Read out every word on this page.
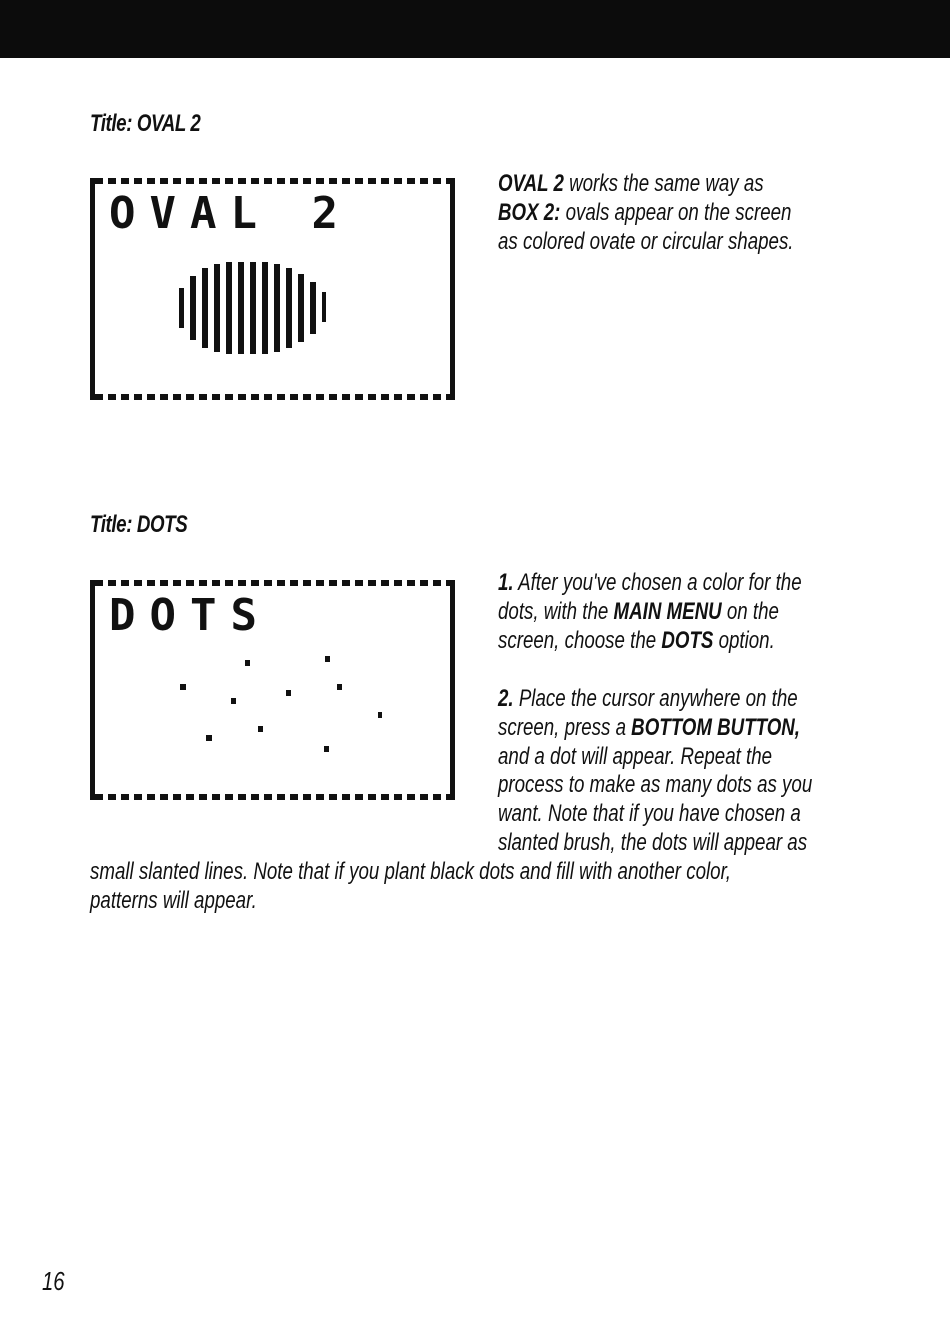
Title: OVAL 2
OVAL 2
OVAL 2 works the same way as
BOX 2: ovals appear on the screen
as colored ovate or circular shapes.
Title: DOTS
DOTS
1. After you've chosen a color for the
dots, with the MAIN MENU on the
screen, choose the DOTS option.
2. Place the cursor anywhere on the
screen, press a BOTTOM BUTTON,
and a dot will appear. Repeat the
process to make as many dots as you
want. Note that if you have chosen a
slanted brush, the dots will appear as
small slanted lines. Note that if you plant black dots and fill with another color,
patterns will appear.
16
